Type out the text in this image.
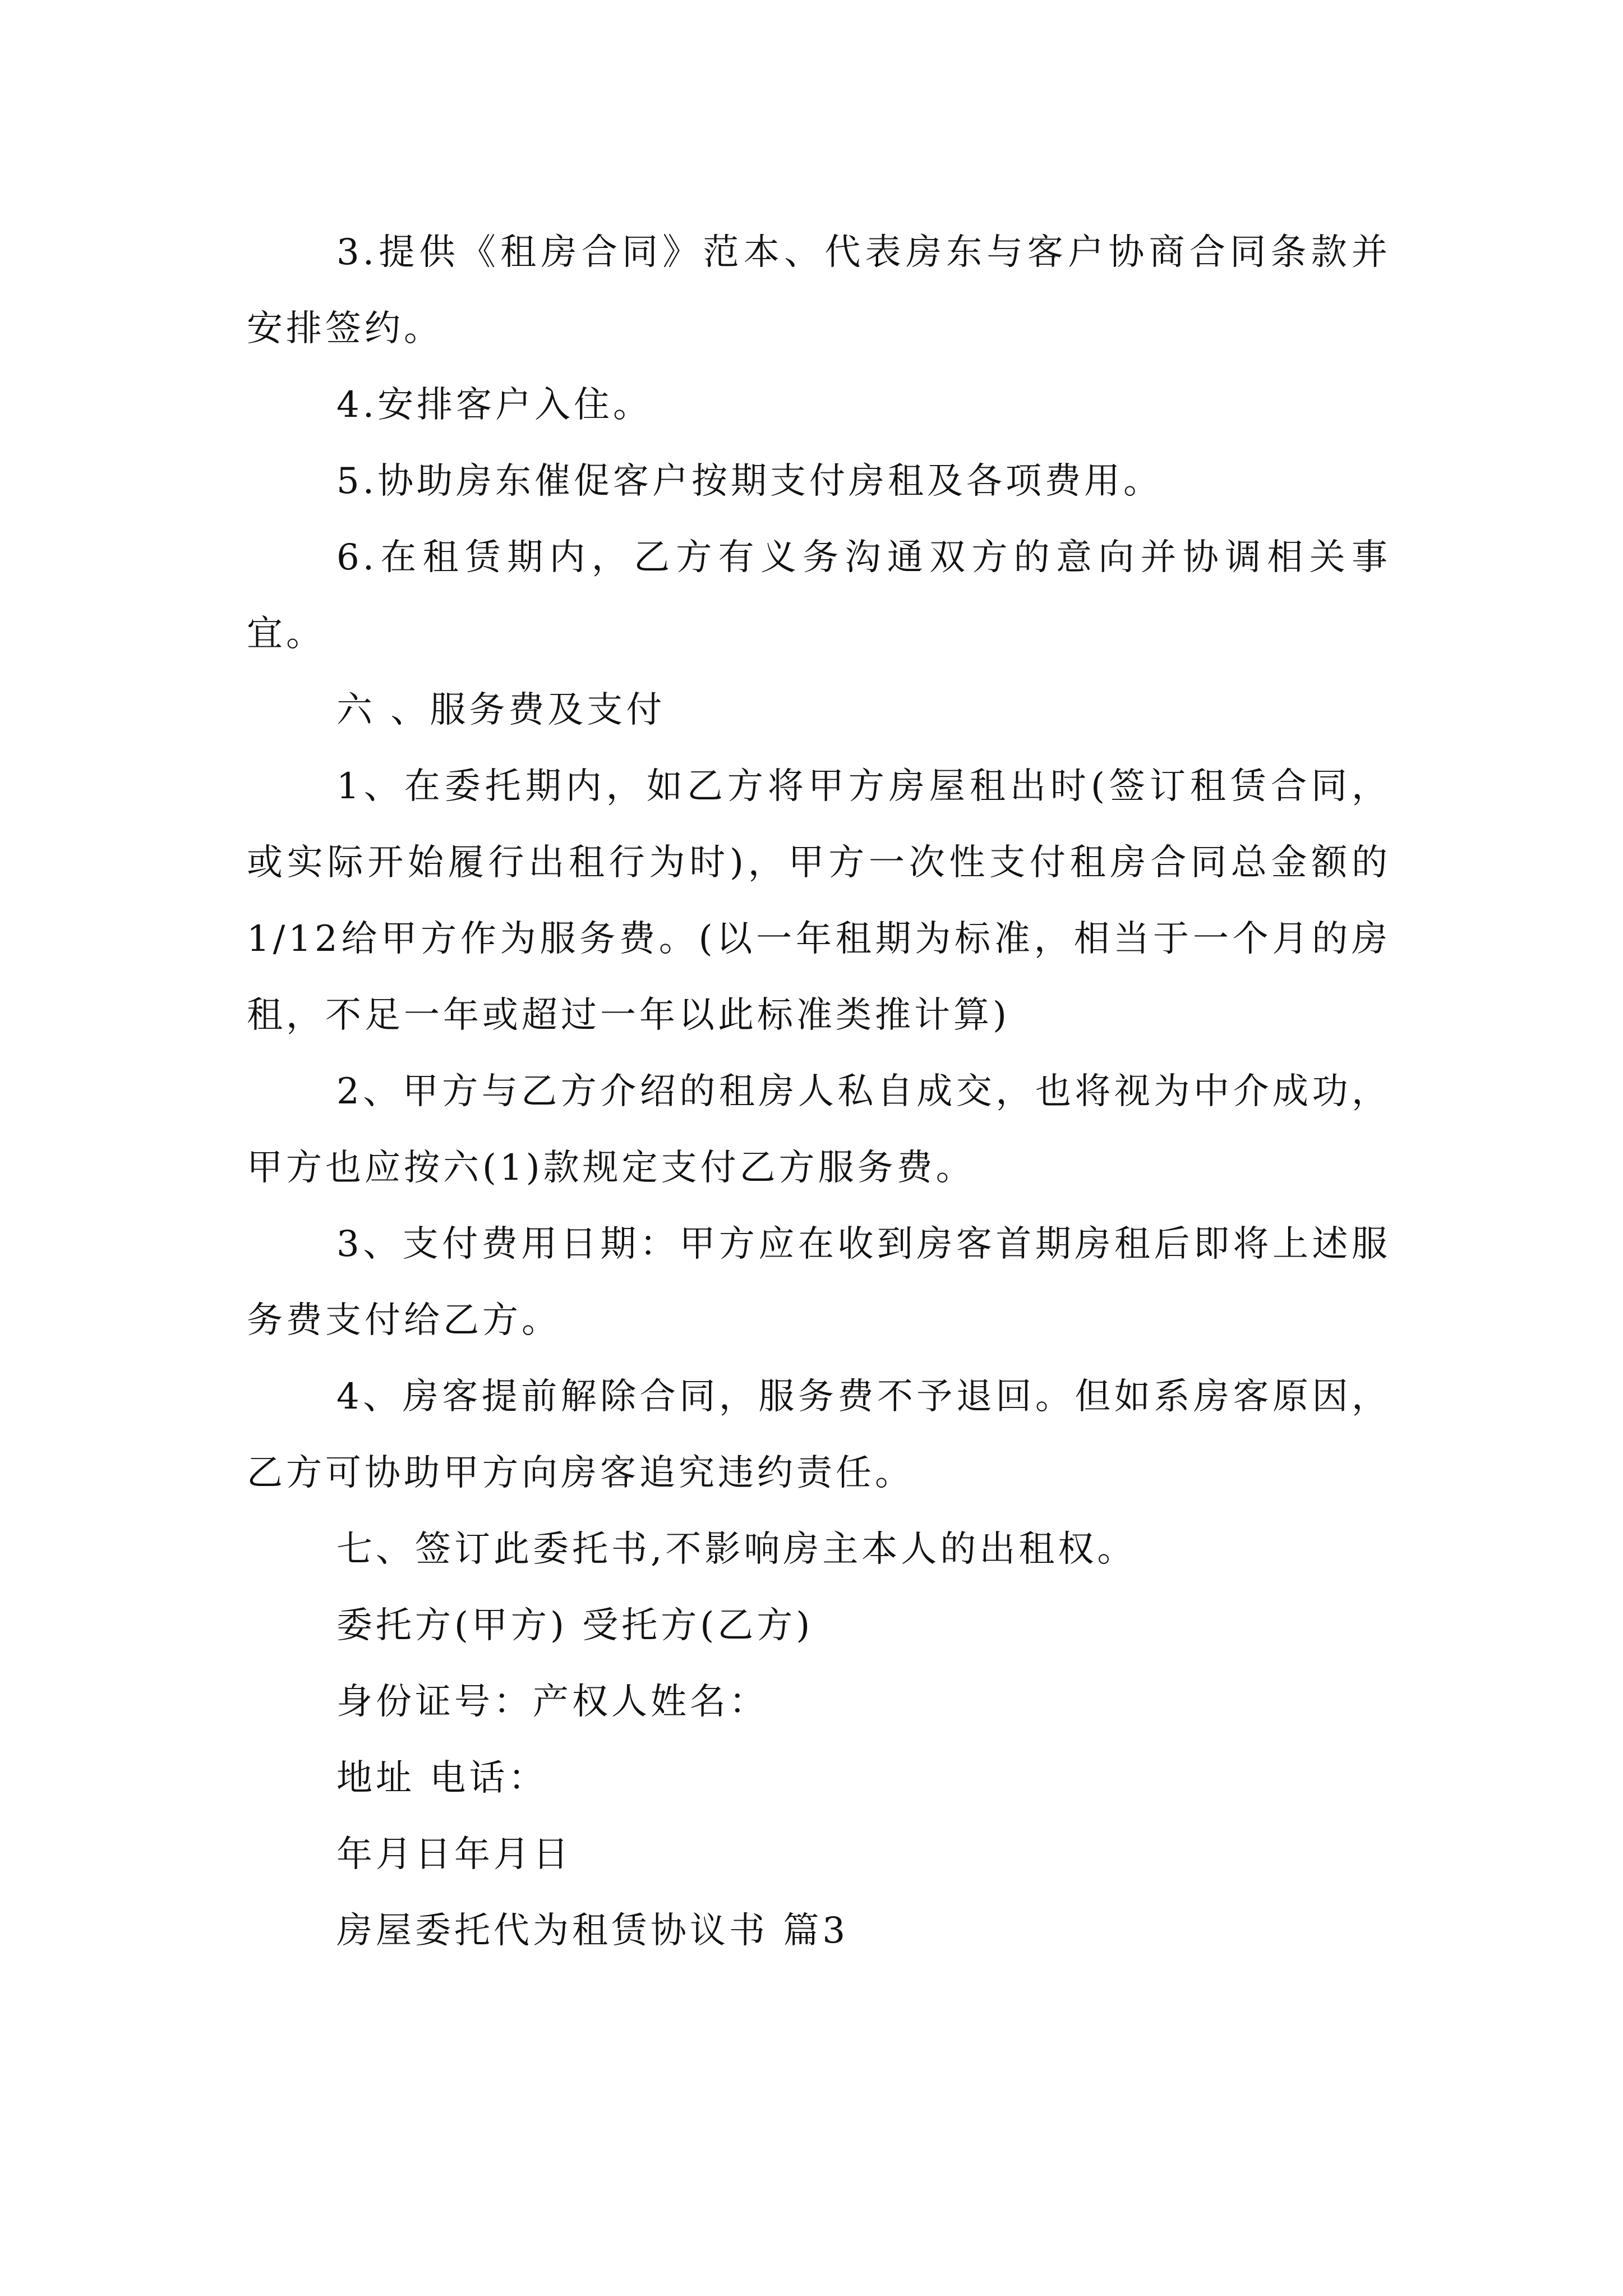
3.提供《租房合同》范本、代表房东与客户协商合同条款并安排签约。

4.安排客户入住。

5.协助房东催促客户按期支付房租及各项费用。

6.在租赁期内，乙方有义务沟通双方的意向并协调相关事宜。

六 、服务费及支付

1、在委托期内，如乙方将甲方房屋租出时(签订租赁合同，或实际开始履行出租行为时)，甲方一次性支付租房合同总金额的1/12给甲方作为服务费。(以一年租期为标准，相当于一个月的房租，不足一年或超过一年以此标准类推计算)

2、甲方与乙方介绍的租房人私自成交，也将视为中介成功，甲方也应按六(1)款规定支付乙方服务费。

3、支付费用日期：甲方应在收到房客首期房租后即将上述服务费支付给乙方。

4、房客提前解除合同，服务费不予退回。但如系房客原因，乙方可协助甲方向房客追究违约责任。

七、签订此委托书,不影响房主本人的出租权。

委托方(甲方) 受托方(乙方)

身份证号：产权人姓名：

地址 电话：

年月日年月日

房屋委托代为租赁协议书 篇3
